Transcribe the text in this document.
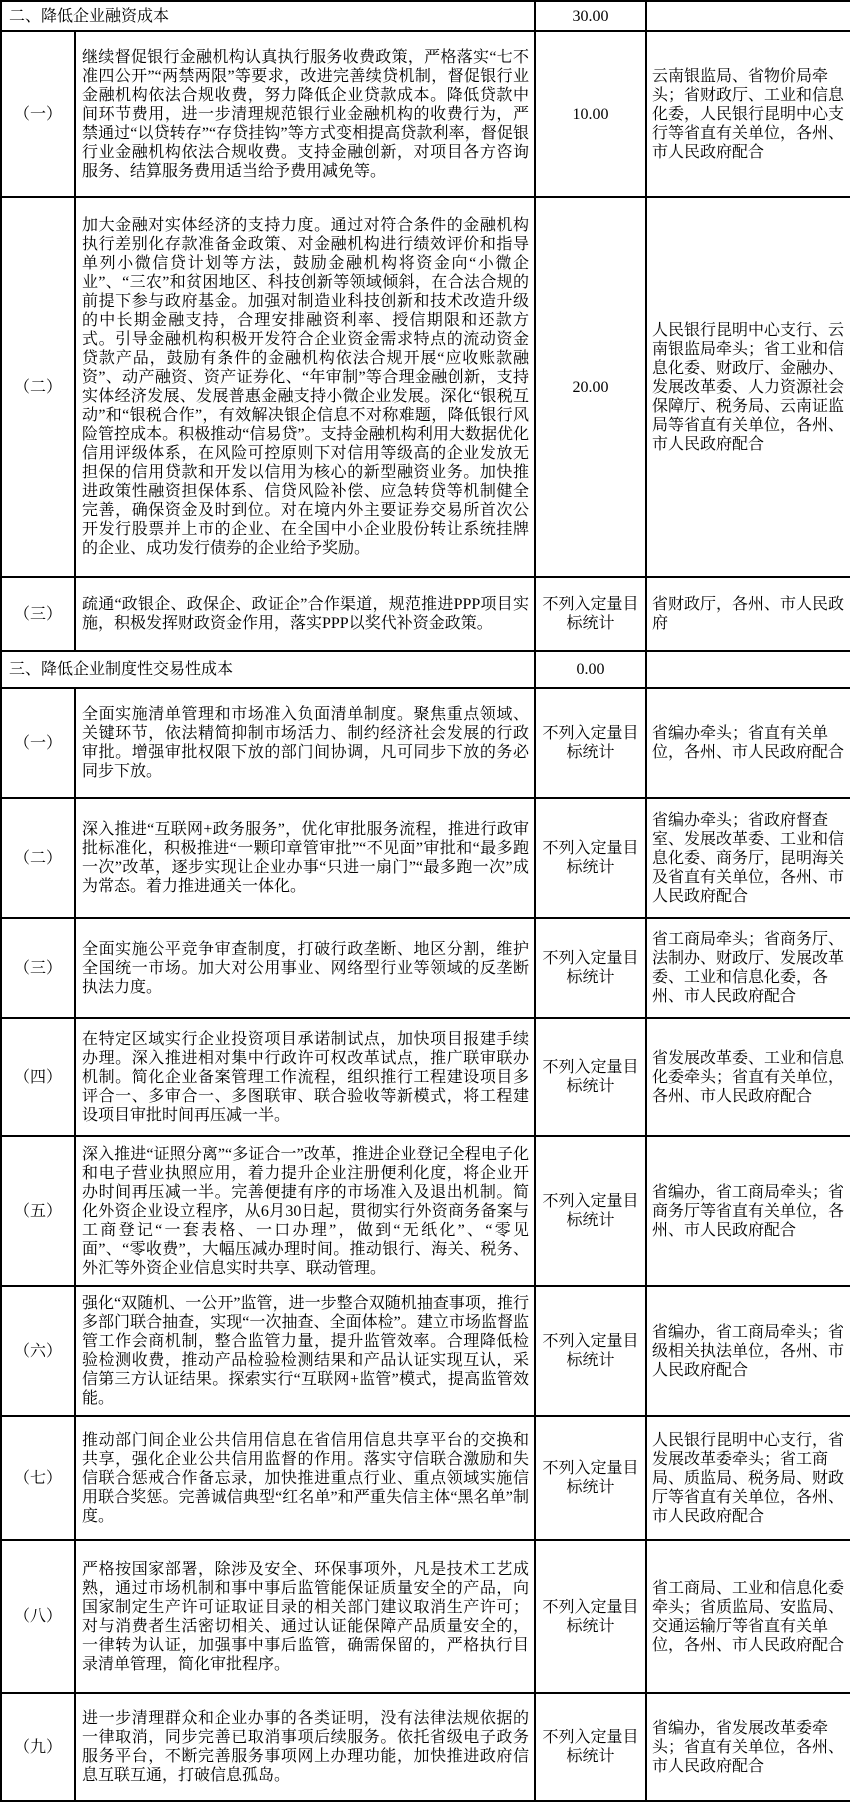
二、降低企业融资成本		30.00	
（一）	继续督促银行金融机构认真执行服务收费政策，严格落实“七不准四公开”“两禁两限”等要求，改进完善续贷机制，督促银行业金融机构依法合规收费，努力降低企业贷款成本。降低贷款中间环节费用，进一步清理规范银行业金融机构的收费行为，严禁通过“以贷转存”“存贷挂钩”等方式变相提高贷款利率，督促银行业金融机构依法合规收费。支持金融创新，对项目各方咨询服务、结算服务费用适当给予费用减免等。	10.00	云南银监局、省物价局牵头；省财政厅、工业和信息化委，人民银行昆明中心支行等省直有关单位，各州、市人民政府配合
（二）	加大金融对实体经济的支持力度。通过对符合条件的金融机构执行差别化存款准备金政策、对金融机构进行绩效评价和指导单列小微信贷计划等方法，鼓励金融机构将资金向“小微企业”、“三农”和贫困地区、科技创新等领域倾斜，在合法合规的前提下参与政府基金。加强对制造业科技创新和技术改造升级的中长期金融支持，合理安排融资利率、授信期限和还款方式。引导金融机构积极开发符合企业资金需求特点的流动资金贷款产品，鼓励有条件的金融机构依法合规开展“应收账款融资”、动产融资、资产证券化、“年审制”等合理金融创新，支持实体经济发展、发展普惠金融支持小微企业发展。深化“银税互动”和“银税合作”，有效解决银企信息不对称难题，降低银行风险管控成本。积极推动“信易贷”。支持金融机构利用大数据优化信用评级体系，在风险可控原则下对信用等级高的企业发放无担保的信用贷款和开发以信用为核心的新型融资业务。加快推进政策性融资担保体系、信贷风险补偿、应急转贷等机制健全完善，确保资金及时到位。对在境内外主要证券交易所首次公开发行股票并上市的企业、在全国中小企业股份转让系统挂牌的企业、成功发行债券的企业给予奖励。	20.00	人民银行昆明中心支行、云南银监局牵头；省工业和信息化委、财政厅、金融办、发展改革委、人力资源社会保障厅、税务局、云南证监局等省直有关单位，各州、市人民政府配合
（三）	疏通“政银企、政保企、政证企”合作渠道，规范推进PPP项目实施，积极发挥财政资金作用，落实PPP以奖代补资金政策。	不列入定量目标统计	省财政厅，各州、市人民政府
三、降低企业制度性交易性成本		0.00	
（一）	全面实施清单管理和市场准入负面清单制度。聚焦重点领域、关键环节，依法精简抑制市场活力、制约经济社会发展的行政审批。增强审批权限下放的部门间协调，凡可同步下放的务必同步下放。	不列入定量目标统计	省编办牵头；省直有关单位，各州、市人民政府配合
（二）	深入推进“互联网+政务服务”，优化审批服务流程，推进行政审批标准化，积极推进“一颗印章管审批”“不见面”审批和“最多跑一次”改革，逐步实现让企业办事“只进一扇门”“最多跑一次”成为常态。着力推进通关一体化。	不列入定量目标统计	省编办牵头；省政府督查室、发展改革委、工业和信息化委、商务厅，昆明海关及省直有关单位，各州、市人民政府配合
（三）	全面实施公平竞争审查制度，打破行政垄断、地区分割，维护全国统一市场。加大对公用事业、网络型行业等领域的反垄断执法力度。	不列入定量目标统计	省工商局牵头；省商务厅、法制办、财政厅、发展改革委、工业和信息化委，各州、市人民政府配合
（四）	在特定区域实行企业投资项目承诺制试点，加快项目报建手续办理。深入推进相对集中行政许可权改革试点，推广联审联办机制。简化企业备案管理工作流程，组织推行工程建设项目多评合一、多审合一、多图联审、联合验收等新模式，将工程建设项目审批时间再压减一半。	不列入定量目标统计	省发展改革委、工业和信息化委牵头；省直有关单位，各州、市人民政府配合
（五）	深入推进“证照分离”“多证合一”改革，推进企业登记全程电子化和电子营业执照应用，着力提升企业注册便利化度，将企业开办时间再压减一半。完善便捷有序的市场准入及退出机制。简化外资企业设立程序，从6月30日起，贯彻实行外资商务备案与工商登记“一套表格、一口办理”，做到“无纸化”、“零见面”、“零收费”，大幅压减办理时间。推动银行、海关、税务、外汇等外资企业信息实时共享、联动管理。	不列入定量目标统计	省编办，省工商局牵头；省商务厅等省直有关单位，各州、市人民政府配合
（六）	强化“双随机、一公开”监管，进一步整合双随机抽查事项，推行多部门联合抽查，实现“一次抽查、全面体检”。建立市场监督监管工作会商机制，整合监管力量，提升监管效率。合理降低检验检测收费，推动产品检验检测结果和产品认证实现互认，采信第三方认证结果。探索实行“互联网+监管”模式，提高监管效能。	不列入定量目标统计	省编办，省工商局牵头；省级相关执法单位，各州、市人民政府配合
（七）	推动部门间企业公共信用信息在省信用信息共享平台的交换和共享，强化企业公共信用监督的作用。落实守信联合激励和失信联合惩戒合作备忘录，加快推进重点行业、重点领域实施信用联合奖惩。完善诚信典型“红名单”和严重失信主体“黑名单”制度。	不列入定量目标统计	人民银行昆明中心支行，省发展改革委牵头；省工商局、质监局、税务局、财政厅等省直有关单位，各州、市人民政府配合
（八）	严格按国家部署，除涉及安全、环保事项外，凡是技术工艺成熟，通过市场机制和事中事后监管能保证质量安全的产品，向国家制定生产许可证取证目录的相关部门建议取消生产许可；对与消费者生活密切相关、通过认证能保障产品质量安全的，一律转为认证，加强事中事后监管，确需保留的，严格执行目录清单管理，简化审批程序。	不列入定量目标统计	省工商局、工业和信息化委牵头；省质监局、安监局、交通运输厅等省直有关单位，各州、市人民政府配合
（九）	进一步清理群众和企业办事的各类证明，没有法律法规依据的一律取消，同步完善已取消事项后续服务。依托省级电子政务服务平台，不断完善服务事项网上办理功能，加快推进政府信息互联互通，打破信息孤岛。	不列入定量目标统计	省编办，省发展改革委牵头；省直有关单位，各州、市人民政府配合
